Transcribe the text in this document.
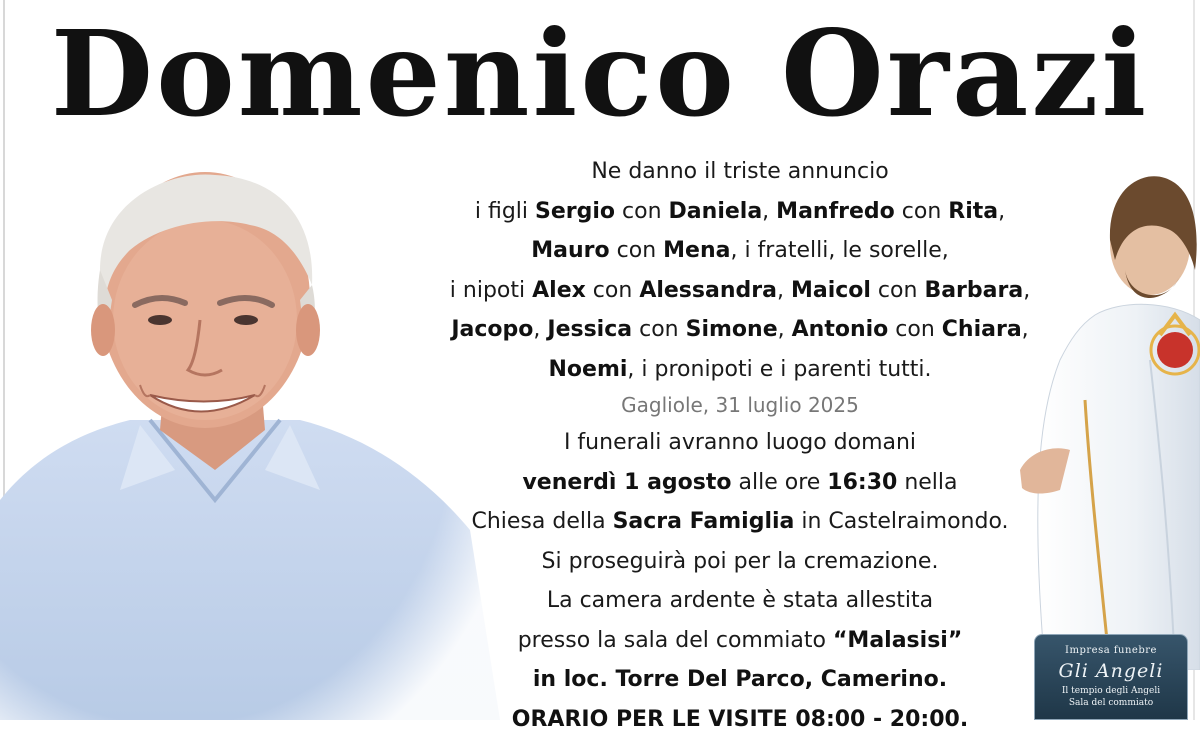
Domenico Orazi
Ne danno il triste annuncio
i figli Sergio con Daniela, Manfredo con Rita,
Mauro con Mena, i fratelli, le sorelle,
i nipoti Alex con Alessandra, Maicol con Barbara,
Jacopo, Jessica con Simone, Antonio con Chiara,
Noemi, i pronipoti e i parenti tutti.
Gagliole, 31 luglio 2025
I funerali avranno luogo domani
venerdì 1 agosto alle ore 16:30 nella
Chiesa della Sacra Famiglia in Castelraimondo.
Si proseguirà poi per la cremazione.
La camera ardente è stata allestita
presso la sala del commiato “Malasisi”
in loc. Torre Del Parco, Camerino.
ORARIO PER LE VISITE 08:00 - 20:00.
Impresa funebre
Gli Angeli
Il tempio degli Angeli
Sala del commiato
